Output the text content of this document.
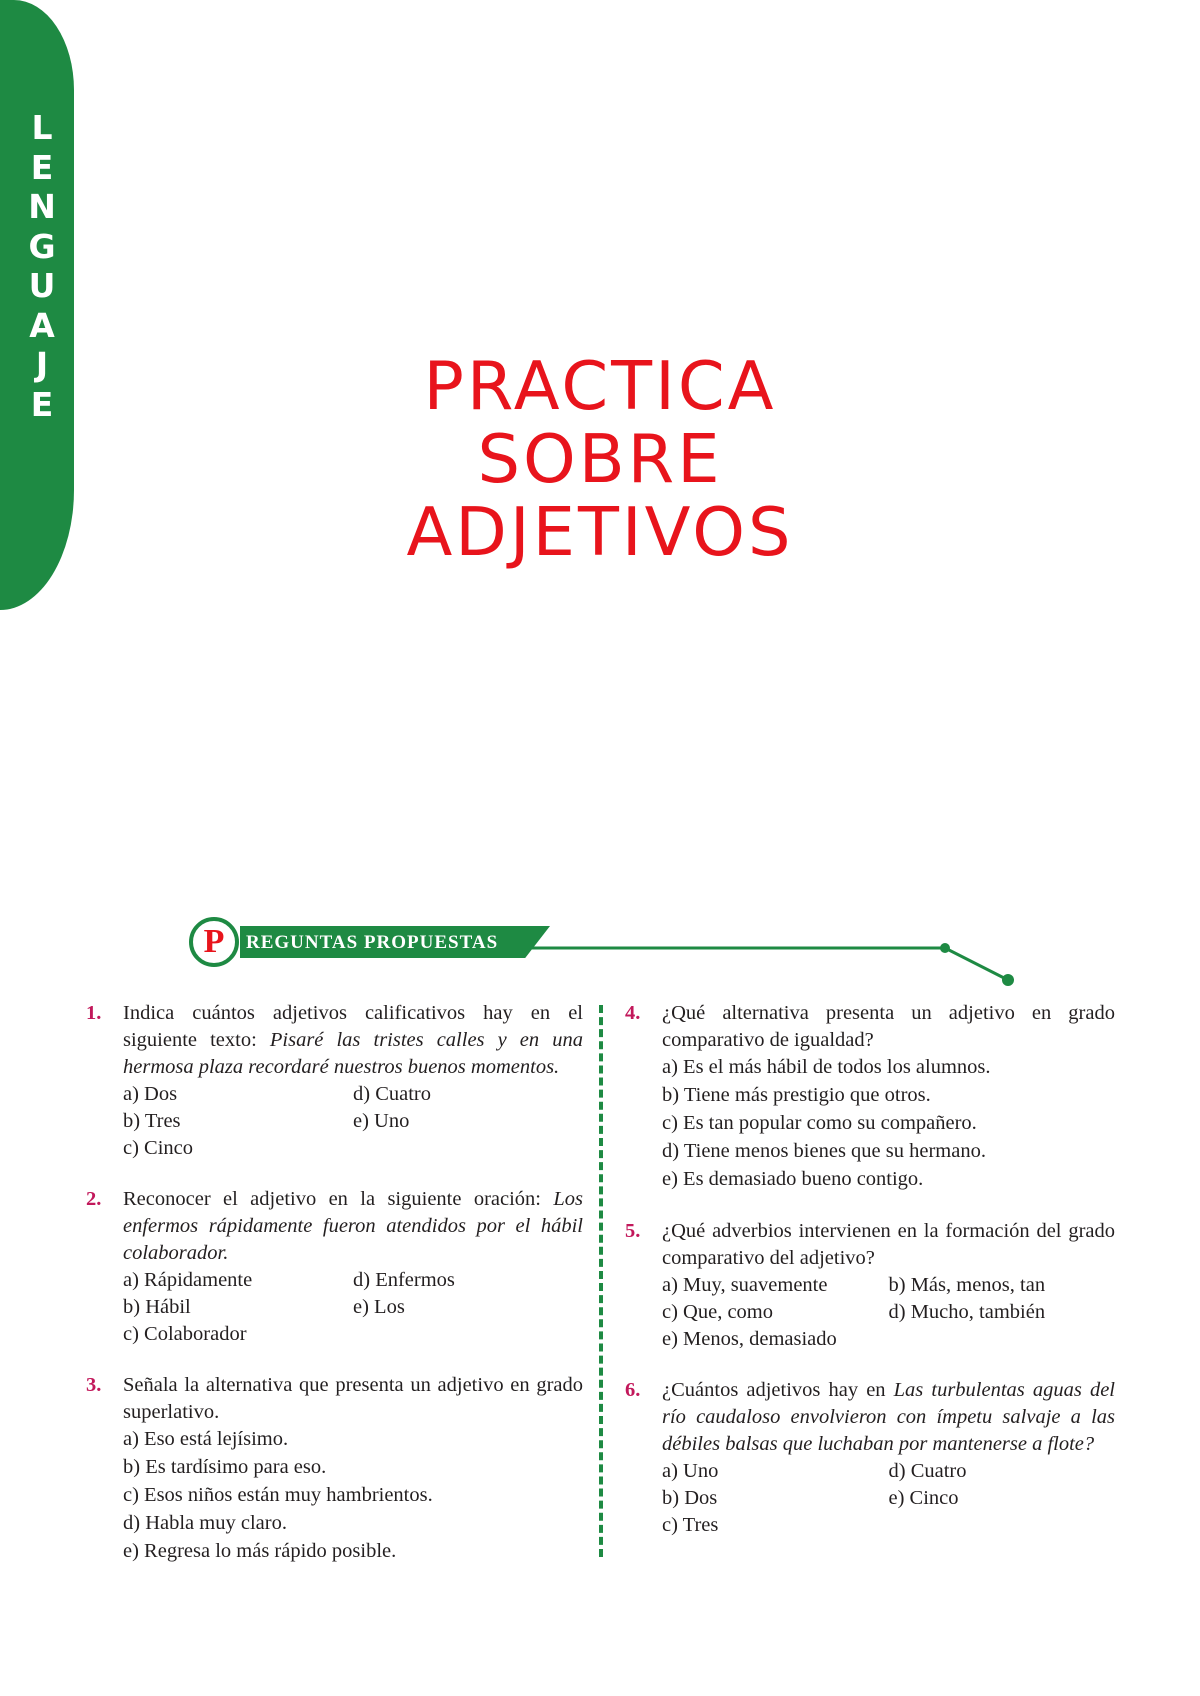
L
E
N
G
U
A
J
E	PRACTICA
SOBRE
ADJETIVOS
P	REGUNTAS PROPUESTAS
1. Indica cuántos adjetivos calificativos hay en el siguiente texto: Pisaré las tristes calles y en una hermosa plaza recordaré nuestros buenos momentos.
a) Dos	d) Cuatro
b) Tres	e) Uno
c) Cinco
2. Reconocer el adjetivo en la siguiente oración: Los enfermos rápidamente fueron atendidos por el hábil colaborador.
a) Rápidamente	d) Enfermos
b) Hábil	e) Los
c) Colaborador
3. Señala la alternativa que presenta un adjetivo en grado superlativo.
a) Eso está lejísimo.
b) Es tardísimo para eso.
c) Esos niños están muy hambrientos.
d) Habla muy claro.
e) Regresa lo más rápido posible.
4. ¿Qué alternativa presenta un adjetivo en grado comparativo de igualdad?
a) Es el más hábil de todos los alumnos.
b) Tiene más prestigio que otros.
c) Es tan popular como su compañero.
d) Tiene menos bienes que su hermano.
e) Es demasiado bueno contigo.
5. ¿Qué adverbios intervienen en la formación del grado comparativo del adjetivo?
a) Muy, suavemente	b) Más, menos, tan
c) Que, como	d) Mucho, también
e) Menos, demasiado
6. ¿Cuántos adjetivos hay en Las turbulentas aguas del río caudaloso envolvieron con ímpetu salvaje a las débiles balsas que luchaban por mantenerse a flote?
a) Uno	d) Cuatro
b) Dos	e) Cinco
c) Tres
